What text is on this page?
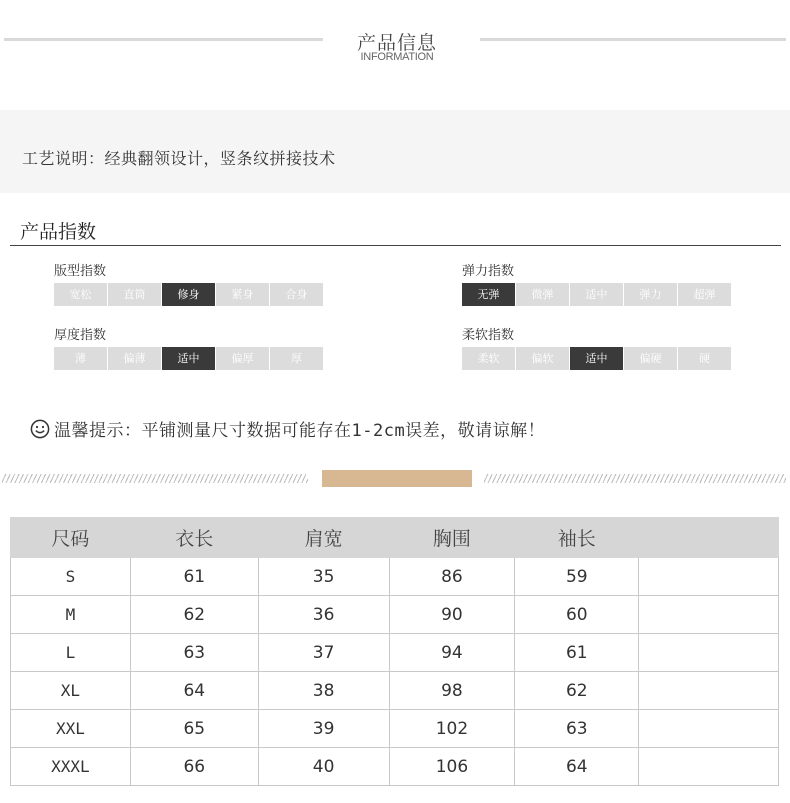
产品信息
INFORMATION
工艺说明：经典翻领设计，竖条纹拼接技术
产品指数
版型指数
宽松	直筒	修身	紧身	合身
弹力指数
无弹	微弹	适中	弹力	超弹
厚度指数
薄	偏薄	适中	偏厚	厚
柔软指数
柔软	偏软	适中	偏硬	硬
温馨提示：平铺测量尺寸数据可能存在1-2cm误差，敬请谅解！
尺码	衣长	肩宽	胸围	袖长	
S	61	35	86	59	
M	62	36	90	60	
L	63	37	94	61	
XL	64	38	98	62	
XXL	65	39	102	63	
XXXL	66	40	106	64	
